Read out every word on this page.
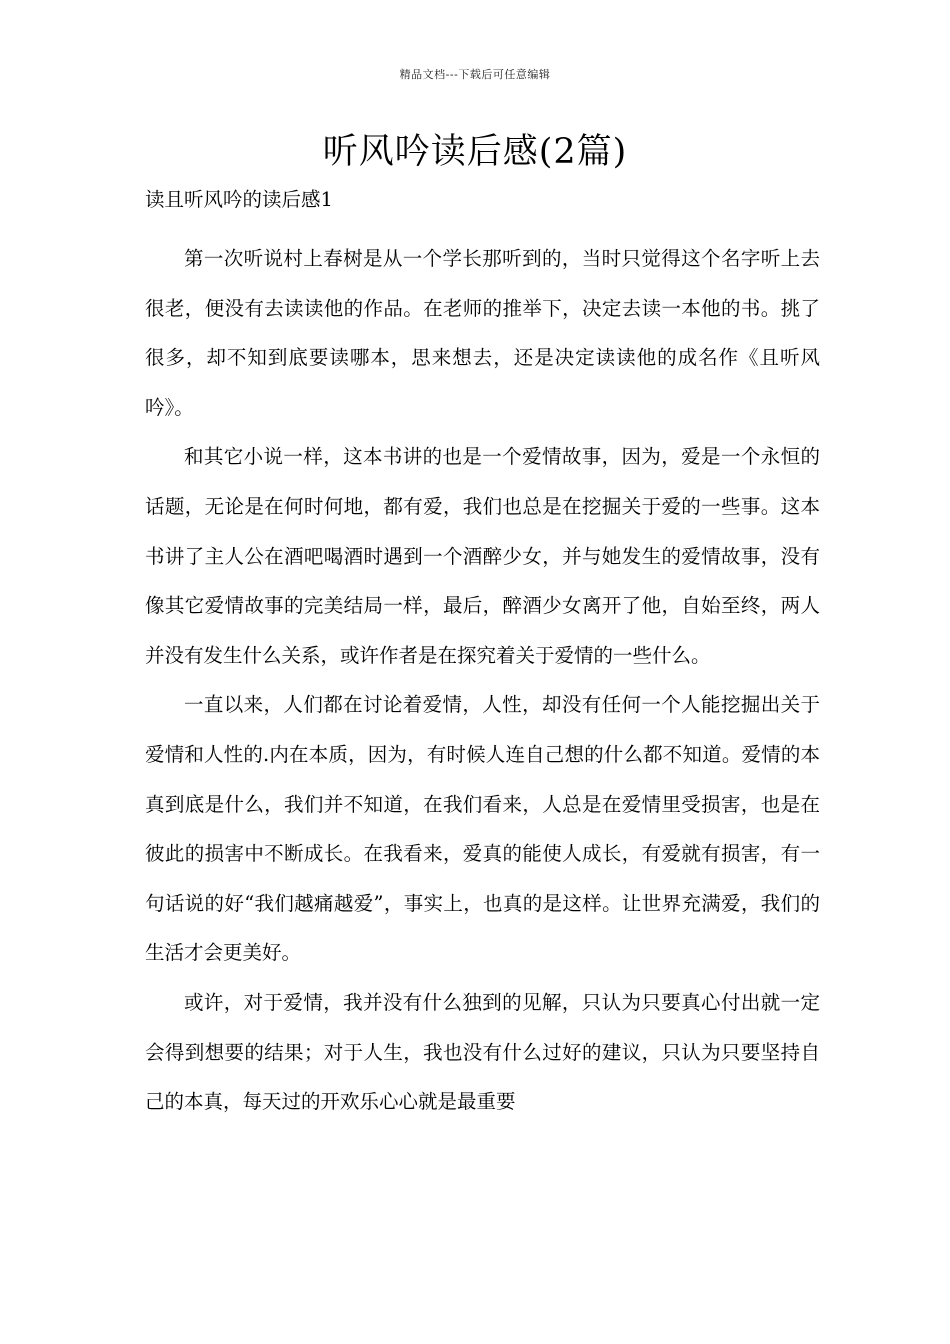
精品文档---下载后可任意编辑
听风吟读后感(2篇)
读且听风吟的读后感1

第一次听说村上春树是从一个学长那听到的，当时只觉得这个名字听上去很老，便没有去读读他的作品。在老师的推举下，决定去读一本他的书。挑了很多，却不知到底要读哪本，思来想去，还是决定读读他的成名作《且听风吟》。

和其它小说一样，这本书讲的也是一个爱情故事，因为，爱是一个永恒的话题，无论是在何时何地，都有爱，我们也总是在挖掘关于爱的一些事。这本书讲了主人公在酒吧喝酒时遇到一个酒醉少女，并与她发生的爱情故事，没有像其它爱情故事的完美结局一样，最后，醉酒少女离开了他，自始至终，两人并没有发生什么关系，或许作者是在探究着关于爱情的一些什么。

一直以来，人们都在讨论着爱情，人性，却没有任何一个人能挖掘出关于爱情和人性的.内在本质，因为，有时候人连自己想的什么都不知道。爱情的本真到底是什么，我们并不知道，在我们看来，人总是在爱情里受损害，也是在彼此的损害中不断成长。在我看来，爱真的能使人成长，有爱就有损害，有一句话说的好“我们越痛越爱”，事实上，也真的是这样。让世界充满爱，我们的生活才会更美好。

或许，对于爱情，我并没有什么独到的见解，只认为只要真心付出就一定会得到想要的结果；对于人生，我也没有什么过好的建议，只认为只要坚持自己的本真，每天过的开欢乐心心就是最重要
